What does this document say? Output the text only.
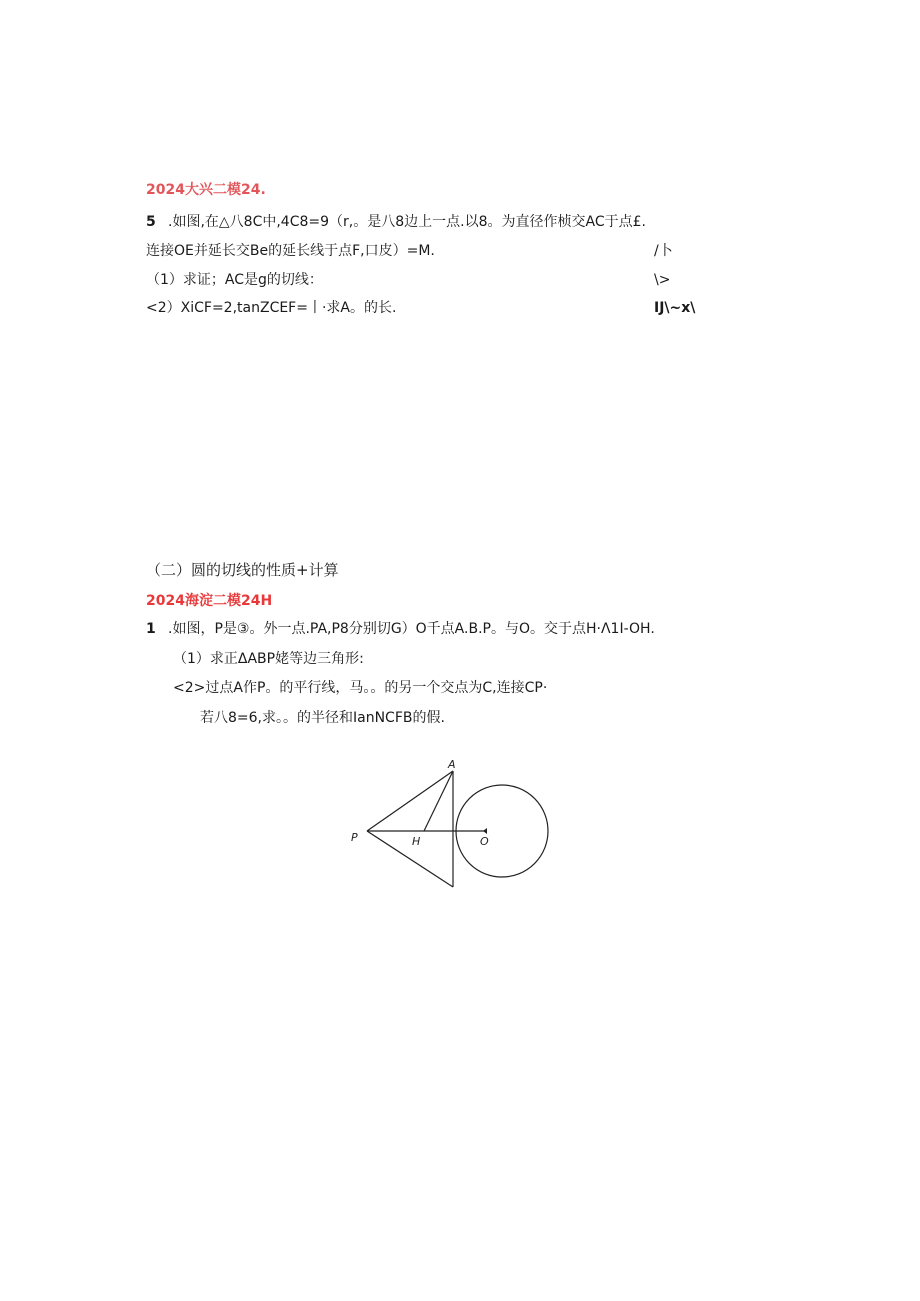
2024大兴二模24.
5 .如图,在△八8C中,4C8=9（r,。是八8边上一点.以8。为直径作桢交AC于点£.
连接OE并延长交Be的延长线于点F,口皮）=M.
（1）求证；AC是g的切线：
<2）XiCF=2,tanZCEF=丨·求A。的长.
/卜
\>
IJ\~x\
（二）圆的切线的性质+计算
2024海淀二模24H
1 .如图，P是③。外一点.PA,P8分别切G）O千点A.B.P。与O。交于点H·Λ1I-OH.
（1）求正ΔABP姥等边三角形:
<2>过点A作P。的平行线，马。。的另一个交点为C,连接CP·
若八8=6,求。。的半径和IanNCFB的假.
A
P	H	O
